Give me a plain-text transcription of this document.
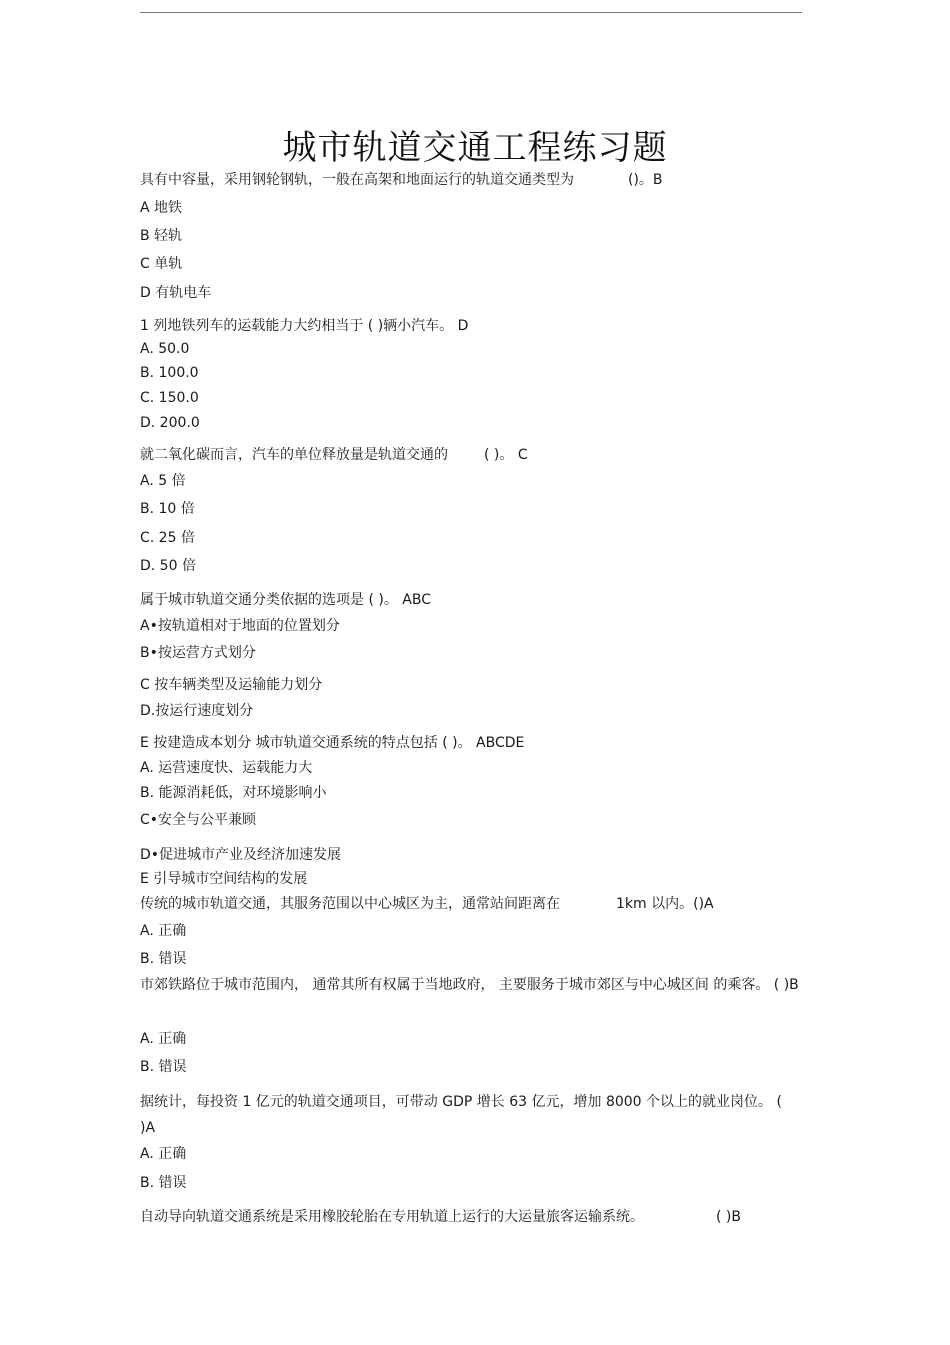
城市轨道交通工程练习题
具有中容量，采用钢轮钢轨，一般在高架和地面运行的轨道交通类型为	()。B
A 地铁
B 轻轨
C 单轨
D 有轨电车
1 列地铁列车的运载能力大约相当于 ( )辆小汽车。 D
A. 50.0
B. 100.0
C. 150.0
D. 200.0
就二氧化碳而言，汽车的单位释放量是轨道交通的	( )。 C
A. 5 倍
B. 10 倍
C. 25 倍
D. 50 倍
属于城市轨道交通分类依据的选项是 ( )。 ABC
A•按轨道相对于地面的位置划分
B•按运营方式划分
C 按车辆类型及运输能力划分
D.按运行速度划分
E 按建造成本划分 城市轨道交通系统的特点包括 ( )。 ABCDE
A. 运营速度快、运载能力大
B. 能源消耗低，对环境影响小
C•安全与公平兼顾
D•促进城市产业及经济加速发展
E 引导城市空间结构的发展
传统的城市轨道交通，其服务范围以中心城区为主，通常站间距离在	1km 以内。()A
A. 正确
B. 错误
市郊铁路位于城市范围内， 通常其所有权属于当地政府， 主要服务于城市郊区与中心城区间 的乘客。 ( )B
A. 正确
B. 错误
据统计，每投资 1 亿元的轨道交通项目，可带动 GDP 增长 63 亿元，增加 8000 个以上的就业岗位。 ( )A
A. 正确
B. 错误
自动导向轨道交通系统是采用橡胶轮胎在专用轨道上运行的大运量旅客运输系统。	( )B
